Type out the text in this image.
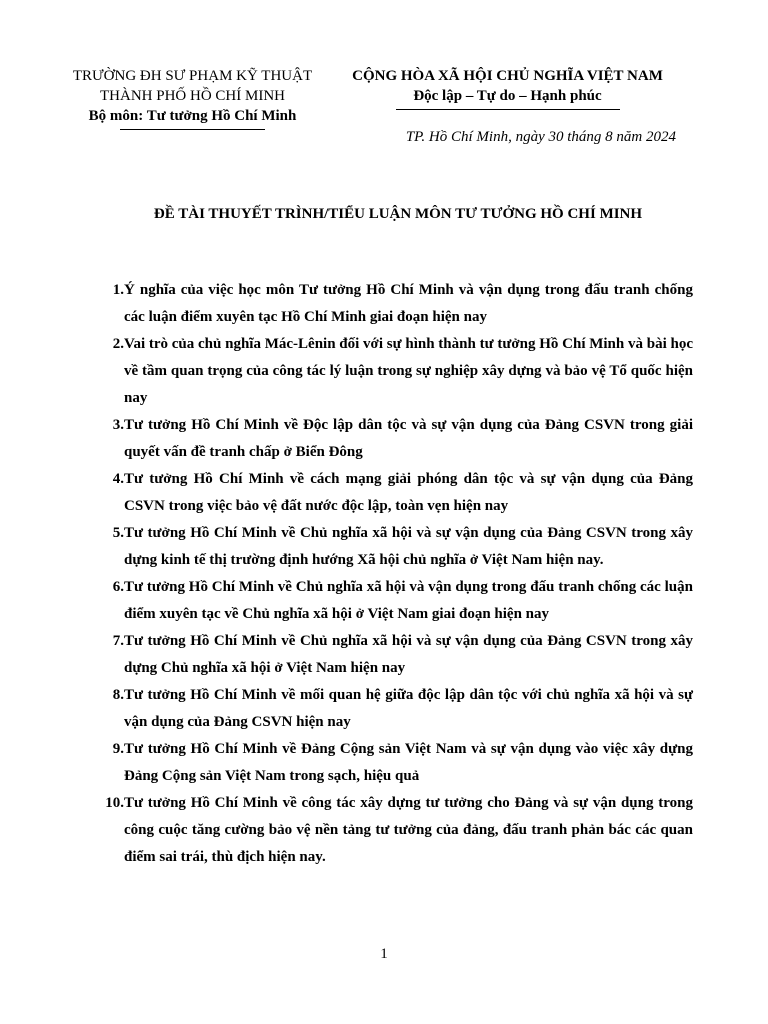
TRƯỜNG ĐH SƯ PHẠM KỸ THUẬT
THÀNH PHỐ HỒ CHÍ MINH
Bộ môn: Tư tưởng Hồ Chí Minh
CỘNG HÒA XÃ HỘI CHỦ NGHĨA VIỆT NAM
Độc lập – Tự do – Hạnh phúc
TP. Hồ Chí Minh, ngày 30 tháng 8 năm 2024
ĐỀ TÀI THUYẾT TRÌNH/TIỂU LUẬN MÔN TƯ TƯỞNG HỒ CHÍ MINH
1. Ý nghĩa của việc học môn Tư tưởng Hồ Chí Minh và vận dụng trong đấu tranh chống các luận điểm xuyên tạc Hồ Chí Minh giai đoạn hiện nay
2. Vai trò của chủ nghĩa Mác-Lênin đối với sự hình thành tư tưởng Hồ Chí Minh và bài học về tầm quan trọng của công tác lý luận trong sự nghiệp xây dựng và bảo vệ Tổ quốc hiện nay
3. Tư tưởng Hồ Chí Minh về Độc lập dân tộc và sự vận dụng của Đảng CSVN trong giải quyết vấn đề tranh chấp ở Biển Đông
4. Tư tưởng Hồ Chí Minh về cách mạng giải phóng dân tộc và sự vận dụng của Đảng CSVN trong việc bảo vệ đất nước độc lập, toàn vẹn hiện nay
5. Tư tưởng Hồ Chí Minh về Chủ nghĩa xã hội và sự vận dụng của Đảng CSVN trong xây dựng kinh tế thị trường định hướng Xã hội chủ nghĩa ở Việt Nam hiện nay.
6. Tư tưởng Hồ Chí Minh về Chủ nghĩa xã hội và vận dụng trong đấu tranh chống các luận điểm xuyên tạc về Chủ nghĩa xã hội ở Việt Nam giai đoạn hiện nay
7. Tư tưởng Hồ Chí Minh về Chủ nghĩa xã hội và sự vận dụng của Đảng CSVN trong xây dựng Chủ nghĩa xã hội ở Việt Nam hiện nay
8. Tư tưởng Hồ Chí Minh về mối quan hệ giữa độc lập dân tộc với chủ nghĩa xã hội và sự vận dụng của Đảng CSVN hiện nay
9. Tư tưởng Hồ Chí Minh về Đảng Cộng sản Việt Nam và sự vận dụng vào việc xây dựng Đảng Cộng sản Việt Nam trong sạch, hiệu quả
10. Tư tưởng Hồ Chí Minh về công tác xây dựng tư tưởng cho Đảng và sự vận dụng trong công cuộc tăng cường bảo vệ nền tảng tư tưởng của đảng, đấu tranh phản bác các quan điểm sai trái, thù địch hiện nay.
1
